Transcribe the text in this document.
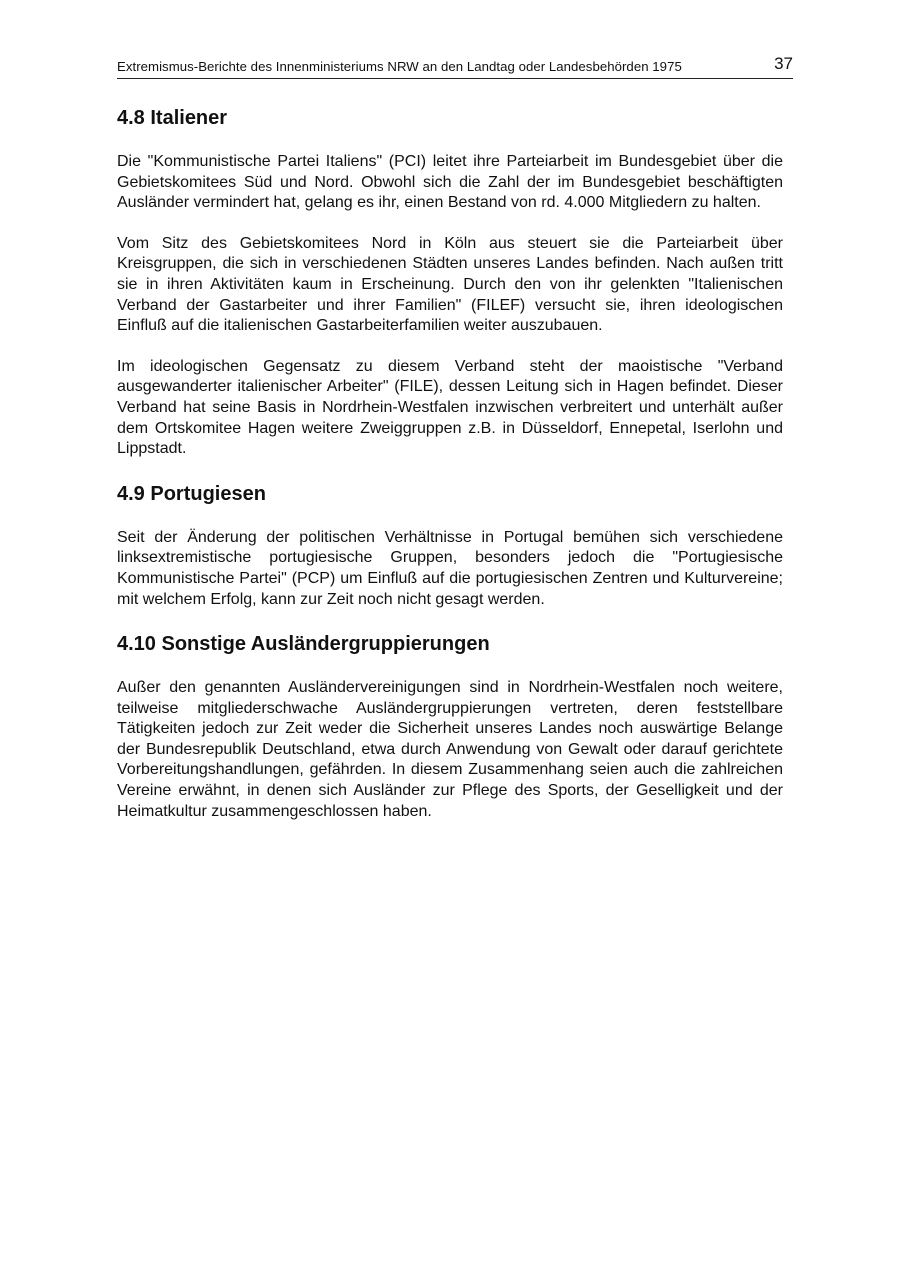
Extremismus-Berichte des Innenministeriums NRW an den Landtag oder Landesbehörden 1975	37
4.8 Italiener

Die "Kommunistische Partei Italiens" (PCI) leitet ihre Parteiarbeit im Bundesgebiet über die Gebietskomitees Süd und Nord. Obwohl sich die Zahl der im Bundesgebiet beschäftigten Ausländer vermindert hat, gelang es ihr, einen Bestand von rd. 4.000 Mitgliedern zu halten.

Vom Sitz des Gebietskomitees Nord in Köln aus steuert sie die Parteiarbeit über Kreisgruppen, die sich in verschiedenen Städten unseres Landes befinden. Nach außen tritt sie in ihren Aktivitäten kaum in Erscheinung. Durch den von ihr gelenkten "Italienischen Verband der Gastarbeiter und ihrer Familien" (FILEF) versucht sie, ihren ideologischen Einfluß auf die italienischen Gastarbeiterfamilien weiter auszubauen.

Im ideologischen Gegensatz zu diesem Verband steht der maoistische "Verband ausgewanderter italienischer Arbeiter" (FILE), dessen Leitung sich in Hagen befindet. Dieser Verband hat seine Basis in Nordrhein-Westfalen inzwischen verbreitert und unterhält außer dem Ortskomitee Hagen weitere Zweiggruppen z.B. in Düsseldorf, Ennepetal, Iserlohn und Lippstadt.

4.9 Portugiesen

Seit der Änderung der politischen Verhältnisse in Portugal bemühen sich verschiedene linksextremistische portugiesische Gruppen, besonders jedoch die "Portugiesische Kommunistische Partei" (PCP) um Einfluß auf die portugiesischen Zentren und Kulturvereine; mit welchem Erfolg, kann zur Zeit noch nicht gesagt werden.

4.10 Sonstige Ausländergruppierungen

Außer den genannten Ausländervereinigungen sind in Nordrhein-Westfalen noch weitere, teilweise mitgliederschwache Ausländergruppierungen vertreten, deren feststellbare Tätigkeiten jedoch zur Zeit weder die Sicherheit unseres Landes noch auswärtige Belange der Bundesrepublik Deutschland, etwa durch Anwendung von Gewalt oder darauf gerichtete Vorbereitungshandlungen, gefährden. In diesem Zusammenhang seien auch die zahlreichen Vereine erwähnt, in denen sich Ausländer zur Pflege des Sports, der Geselligkeit und der Heimatkultur zusammengeschlossen haben.
